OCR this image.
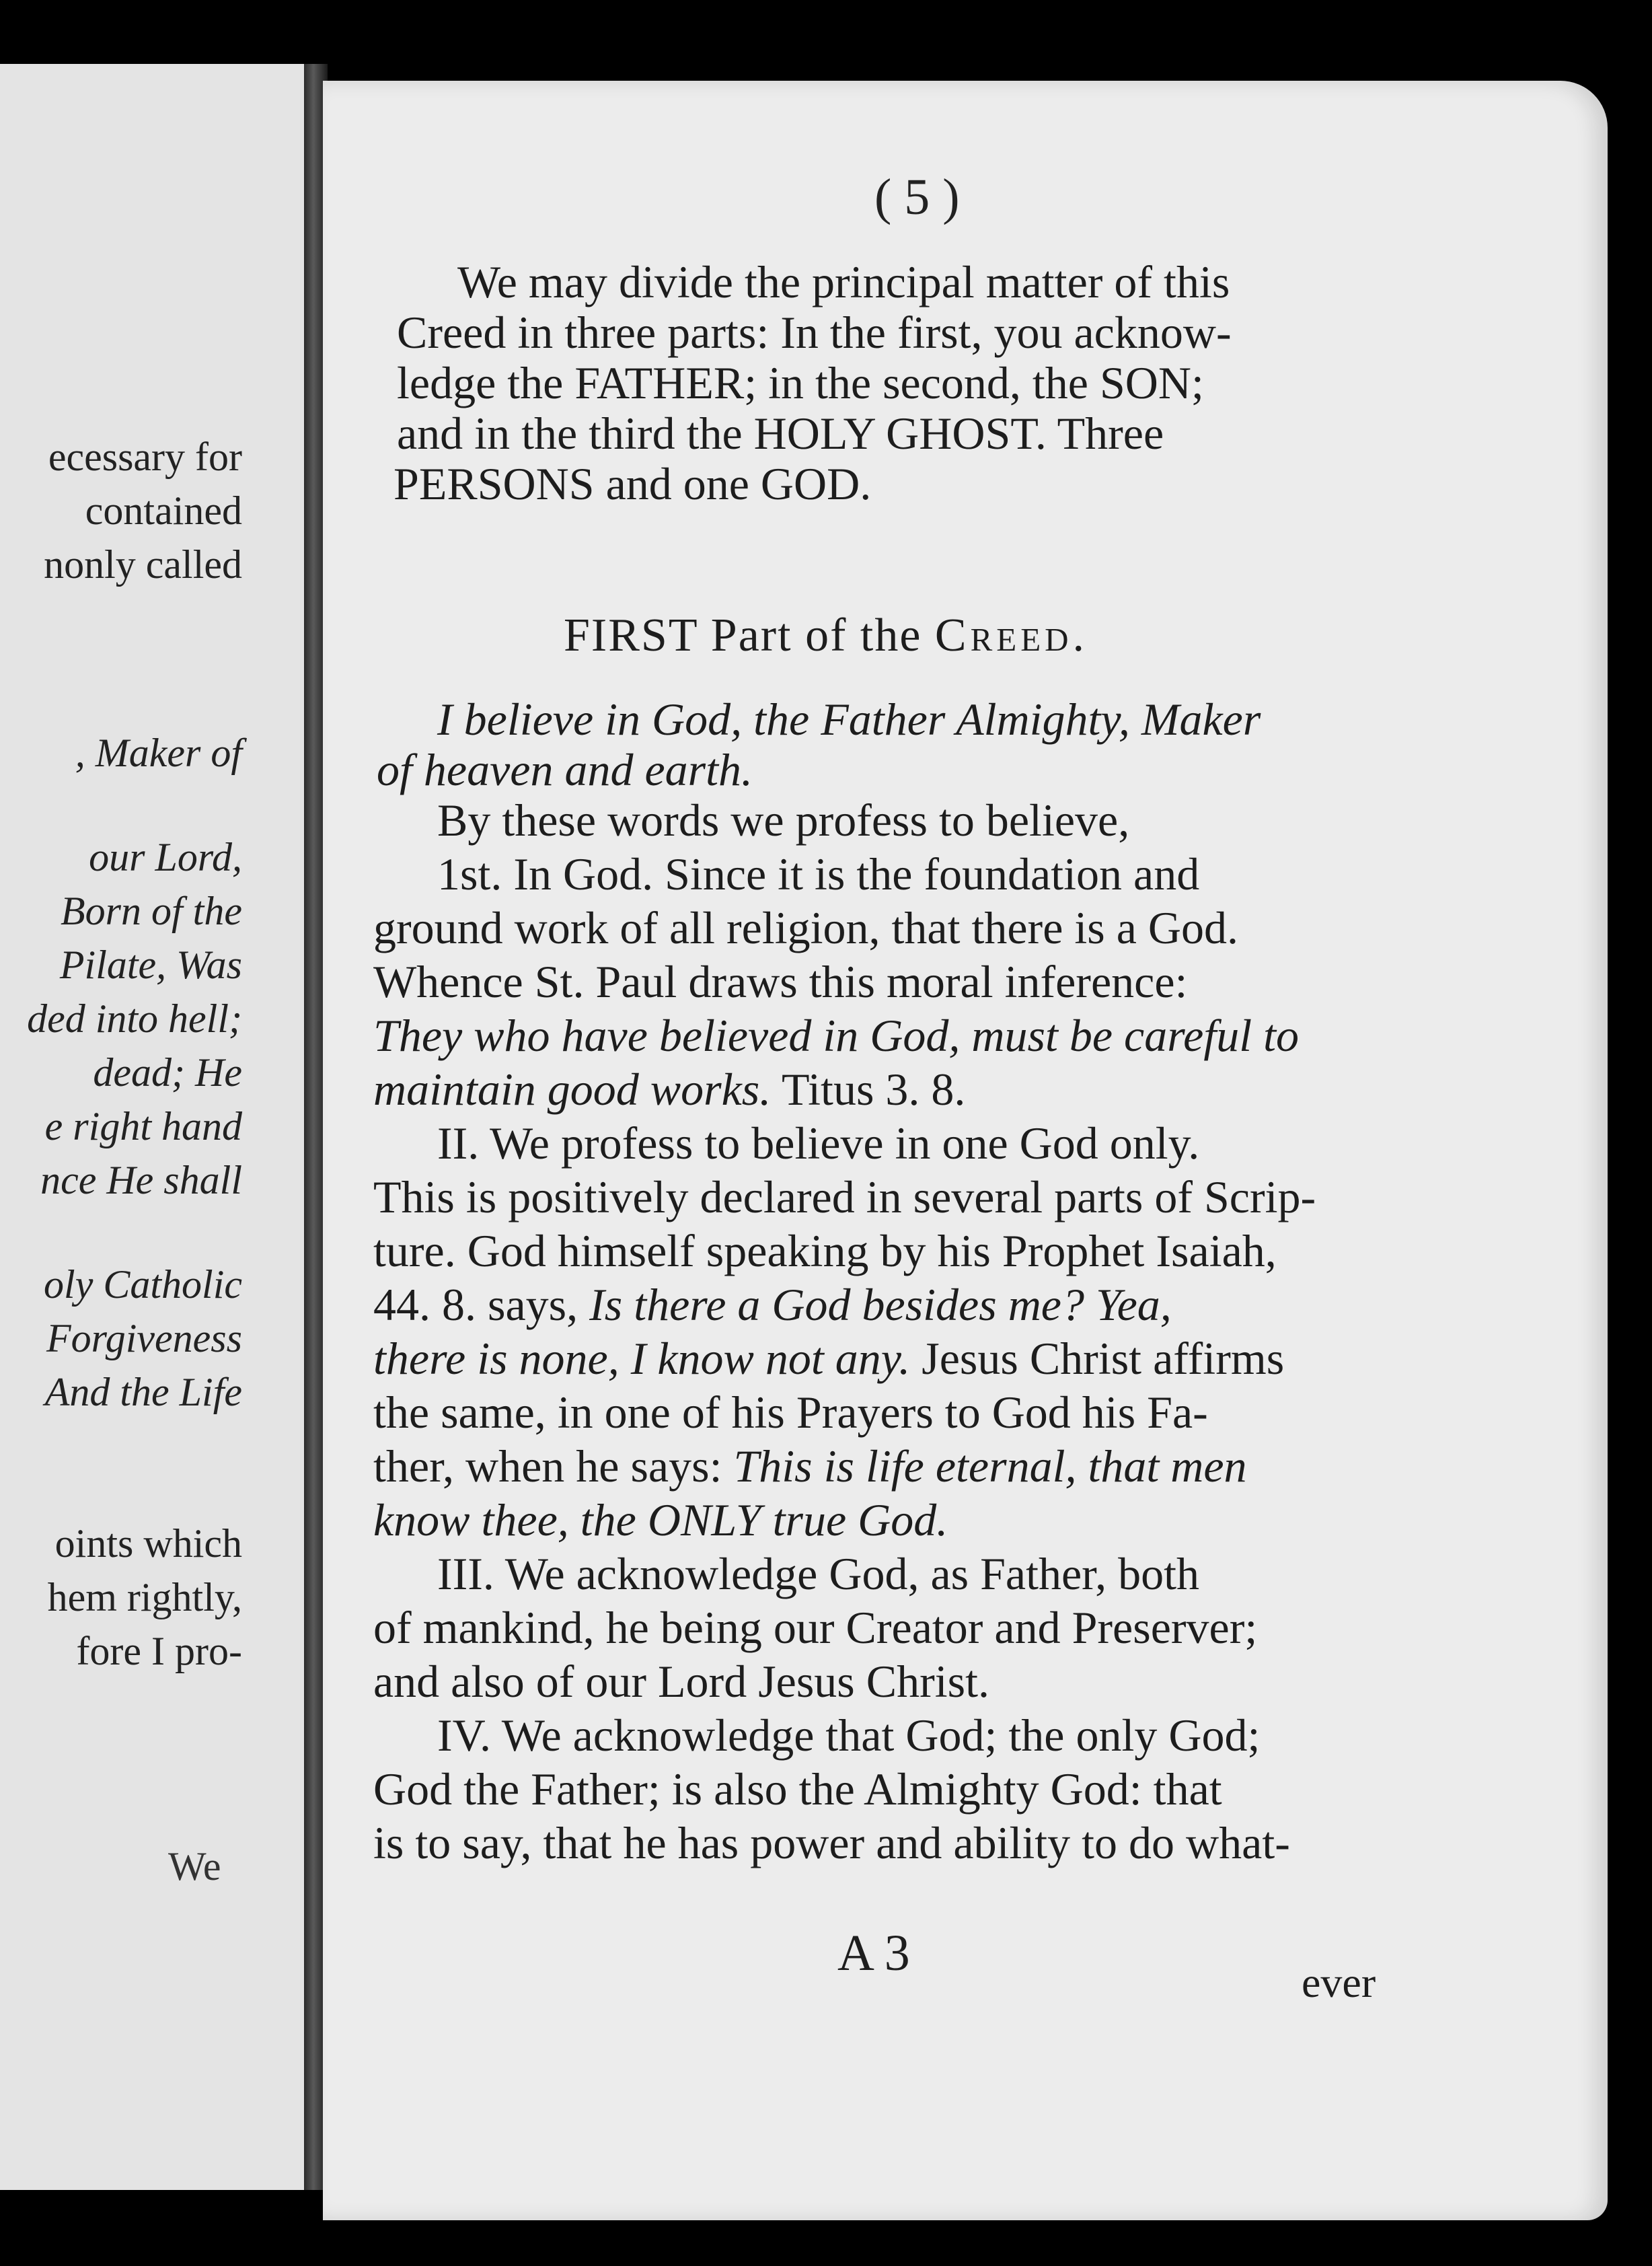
ecessary for
contained
nonly called
, Maker of
our Lord,
Born of the
Pilate, Was
ded into hell;
dead; He
e right hand
nce He shall
oly Catholic
Forgiveness
And the Life
oints which
hem rightly,
fore I pro-
We
( 5 )
We may divide the principal matter of this
Creed in three parts: In the first, you acknow-
ledge the FATHER; in the second, the SON;
and in the third the HOLY GHOST. Three
PERSONS and one GOD.
FIRST Part of the Creed.
I believe in God, the Father Almighty, Maker
of heaven and earth.
By these words we profess to believe,
1st. In God. Since it is the foundation and
ground work of all religion, that there is a God.
Whence St. Paul draws this moral inference:
They who have believed in God, must be careful to
maintain good works. Titus 3. 8.
II. We profess to believe in one God only.
This is positively declared in several parts of Scrip-
ture. God himself speaking by his Prophet Isaiah,
44. 8. says, Is there a God besides me? Yea,
there is none, I know not any. Jesus Christ affirms
the same, in one of his Prayers to God his Fa-
ther, when he says: This is life eternal, that men
know thee, the ONLY true God.
III. We acknowledge God, as Father, both
of mankind, he being our Creator and Preserver;
and also of our Lord Jesus Christ.
IV. We acknowledge that God; the only God;
God the Father; is also the Almighty God: that
is to say, that he has power and ability to do what-
A 3
ever
